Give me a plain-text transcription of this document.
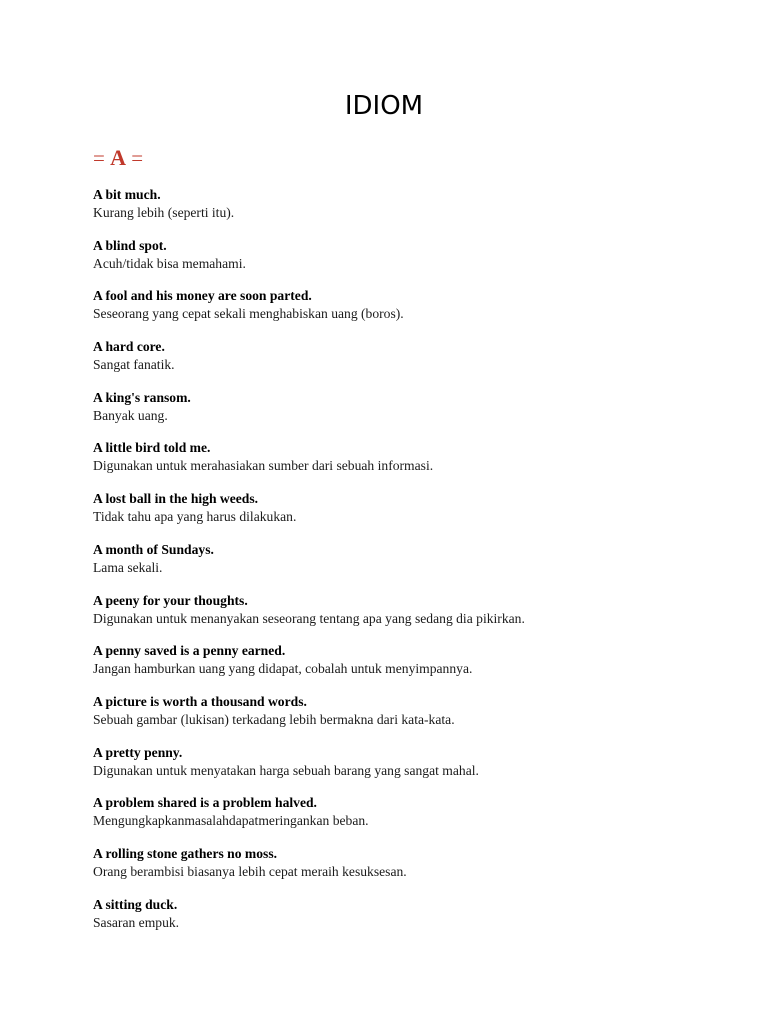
IDIOM
= A =
A bit much.
Kurang lebih (seperti itu).
A blind spot.
Acuh/tidak bisa memahami.
A fool and his money are soon parted.
Seseorang yang cepat sekali menghabiskan uang (boros).
A hard core.
Sangat fanatik.
A king's ransom.
Banyak uang.
A little bird told me.
Digunakan untuk merahasiakan sumber dari sebuah informasi.
A lost ball in the high weeds.
Tidak tahu apa yang harus dilakukan.
A month of Sundays.
Lama sekali.
A peeny for your thoughts.
Digunakan untuk menanyakan seseorang tentang apa yang sedang dia pikirkan.
A penny saved is a penny earned.
Jangan hamburkan uang yang didapat, cobalah untuk menyimpannya.
A picture is worth a thousand words.
Sebuah gambar (lukisan) terkadang lebih bermakna dari kata-kata.
A pretty penny.
Digunakan untuk menyatakan harga sebuah barang yang sangat mahal.
A problem shared is a problem halved.
Mengungkapkanmasalahdapatmeringankan beban.
A rolling stone gathers no moss.
Orang berambisi biasanya lebih cepat meraih kesuksesan.
A sitting duck.
Sasaran empuk.
